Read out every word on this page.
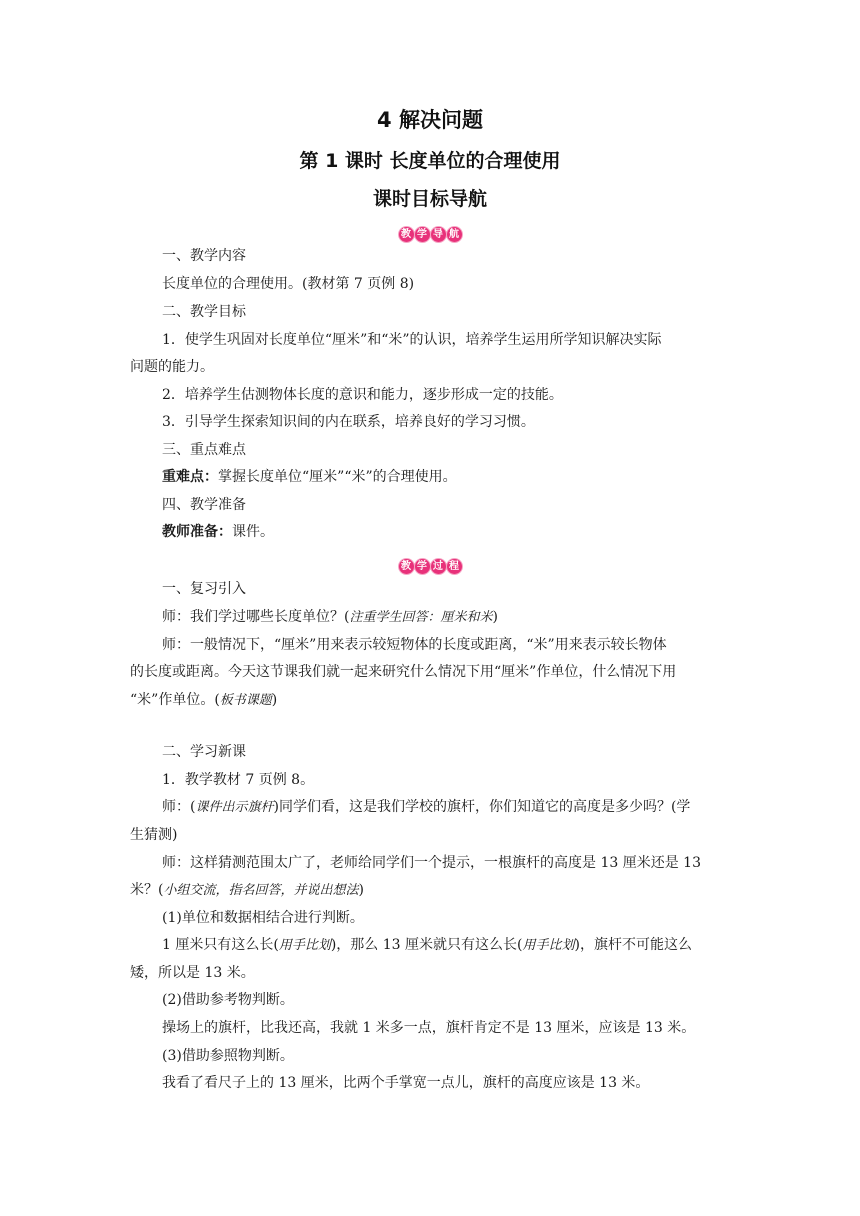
4 解决问题
第 1 课时 长度单位的合理使用
课时目标导航
教 学 导 航
一、教学内容
长度单位的合理使用。(教材第 7 页例 8)
二、教学目标
1．使学生巩固对长度单位“厘米”和“米”的认识，培养学生运用所学知识解决实际
问题的能力。
2．培养学生估测物体长度的意识和能力，逐步形成一定的技能。
3．引导学生探索知识间的内在联系，培养良好的学习习惯。
三、重点难点
重难点：掌握长度单位“厘米”“米”的合理使用。
四、教学准备
教师准备：课件。
教 学 过 程
一、复习引入
师：我们学过哪些长度单位？(注重学生回答：厘米和米)
师：一般情况下，“厘米”用来表示较短物体的长度或距离，“米”用来表示较长物体
的长度或距离。今天这节课我们就一起来研究什么情况下用“厘米”作单位，什么情况下用
“米”作单位。(板书课题)
二、学习新课
1．教学教材 7 页例 8。
师：(课件出示旗杆)同学们看，这是我们学校的旗杆，你们知道它的高度是多少吗？(学
生猜测)
师：这样猜测范围太广了，老师给同学们一个提示，一根旗杆的高度是 13 厘米还是 13
米？(小组交流，指名回答，并说出想法)
(1)单位和数据相结合进行判断。
1 厘米只有这么长(用手比划)，那么 13 厘米就只有这么长(用手比划)，旗杆不可能这么
矮，所以是 13 米。
(2)借助参考物判断。
操场上的旗杆，比我还高，我就 1 米多一点，旗杆肯定不是 13 厘米，应该是 13 米。
(3)借助参照物判断。
我看了看尺子上的 13 厘米，比两个手掌宽一点儿，旗杆的高度应该是 13 米。
